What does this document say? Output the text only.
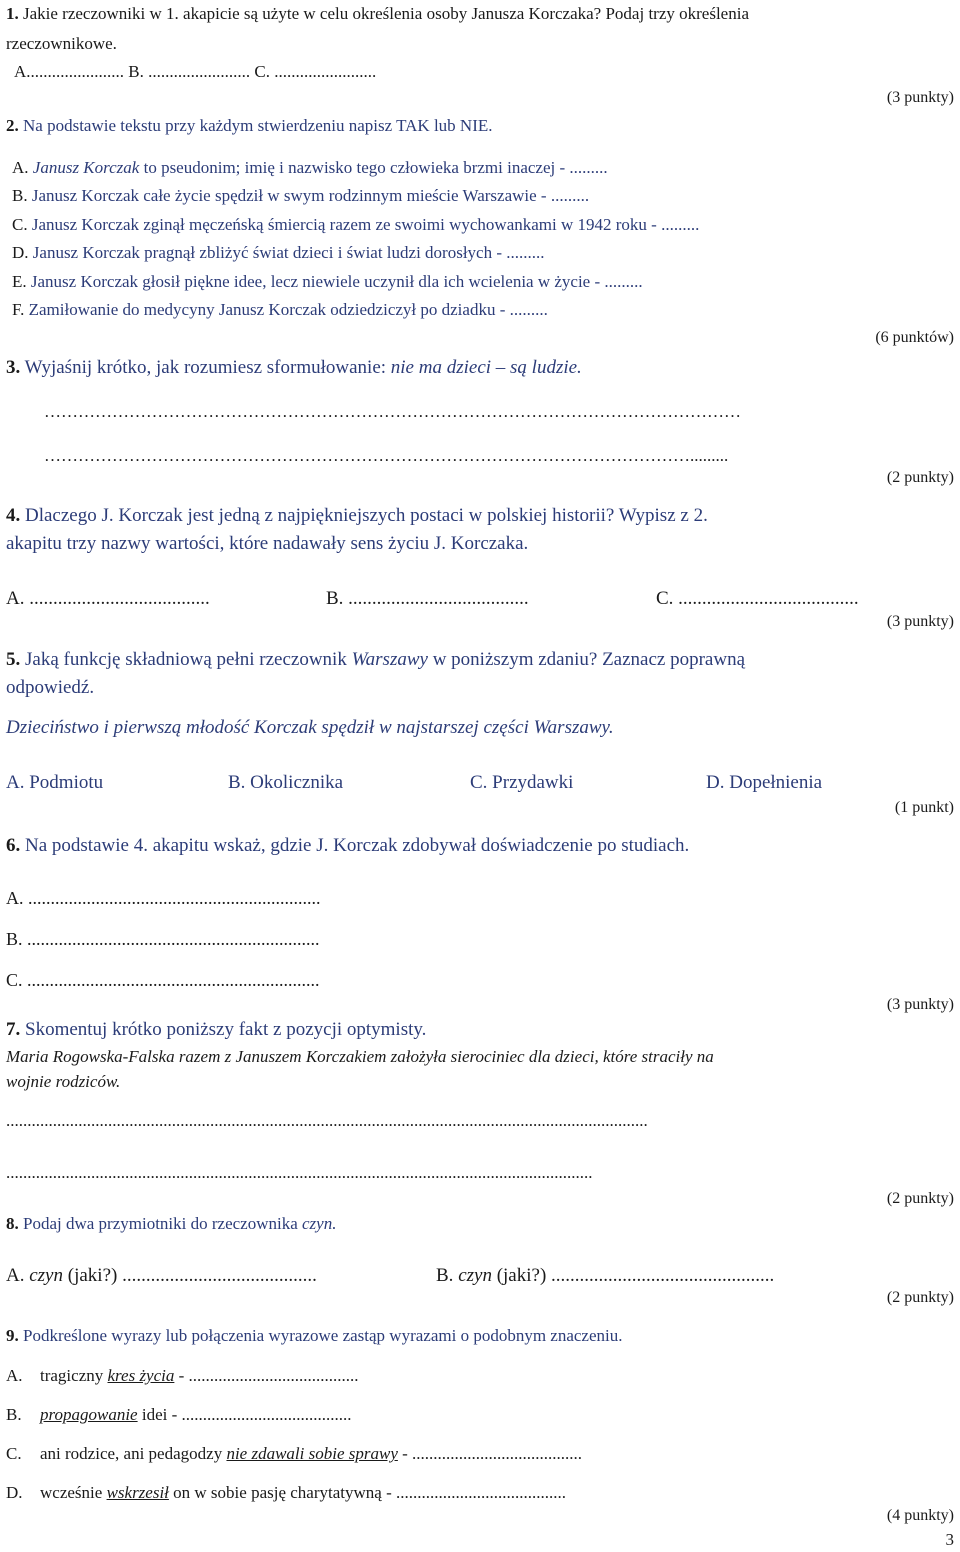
1. Jakie rzeczowniki w 1. akapicie są użyte w celu określenia osoby Janusza Korczaka? Podaj trzy określenia
rzeczownikowe.
A....................... B. ........................ C. ........................
(3 punkty)
2. Na podstawie tekstu przy każdym stwierdzeniu napisz TAK lub NIE.
A. Janusz Korczak to pseudonim; imię i nazwisko tego człowieka brzmi inaczej - .........
B. Janusz Korczak całe życie spędził w swym rodzinnym mieście Warszawie - .........
C. Janusz Korczak zginął męczeńską śmiercią razem ze swoimi wychowankami w 1942 roku - .........
D. Janusz Korczak pragnął zbliżyć świat dzieci i świat ludzi dorosłych - .........
E. Janusz Korczak głosił piękne idee, lecz niewiele uczynił dla ich wcielenia w życie - .........
F. Zamiłowanie do medycyny Janusz Korczak odziedziczył po dziadku - .........
(6 punktów)
3. Wyjaśnij krótko, jak rozumiesz sformułowanie: nie ma dzieci – są ludzie.
……………………………………………………………………………………………………………
…………………………………………………………………………………………………….........
(2 punkty)
4. Dlaczego J. Korczak jest jedną z najpiękniejszych postaci w polskiej historii? Wypisz z 2.
akapitu trzy nazwy wartości, które nadawały sens życiu J. Korczaka.
A. ......................................	B. ......................................	C. ......................................
(3 punkty)
5. Jaką funkcję składniową pełni rzeczownik Warszawy w poniższym zdaniu? Zaznacz poprawną
odpowiedź.
Dzieciństwo i pierwszą młodość Korczak spędził w najstarszej części Warszawy.
A. Podmiotu	B. Okolicznika	C. Przydawki	D. Dopełnienia
(1 punkt)
6. Na podstawie 4. akapitu wskaż, gdzie J. Korczak zdobywał doświadczenie po studiach.
A. .................................................................
B. .................................................................
C. .................................................................
(3 punkty)
7. Skomentuj krótko poniższy fakt z pozycji optymisty.
Maria Rogowska-Falska razem z Januszem Korczakiem założyła sierociniec dla dzieci, które straciły na
wojnie rodziców.
.......................................................................................................................................................
..........................................................................................................................................
(2 punkty)
8. Podaj dwa przymiotniki do rzeczownika czyn.
A. czyn (jaki?) .........................................	B. czyn (jaki?) ...............................................
(2 punkty)
9. Podkreślone wyrazy lub połączenia wyrazowe zastąp wyrazami o podobnym znaczeniu.
A. tragiczny kres życia - ........................................
B. propagowanie idei - ........................................
C. ani rodzice, ani pedagodzy nie zdawali sobie sprawy - ........................................
D. wcześnie wskrzesił on w sobie pasję charytatywną - ........................................
(4 punkty)
3
